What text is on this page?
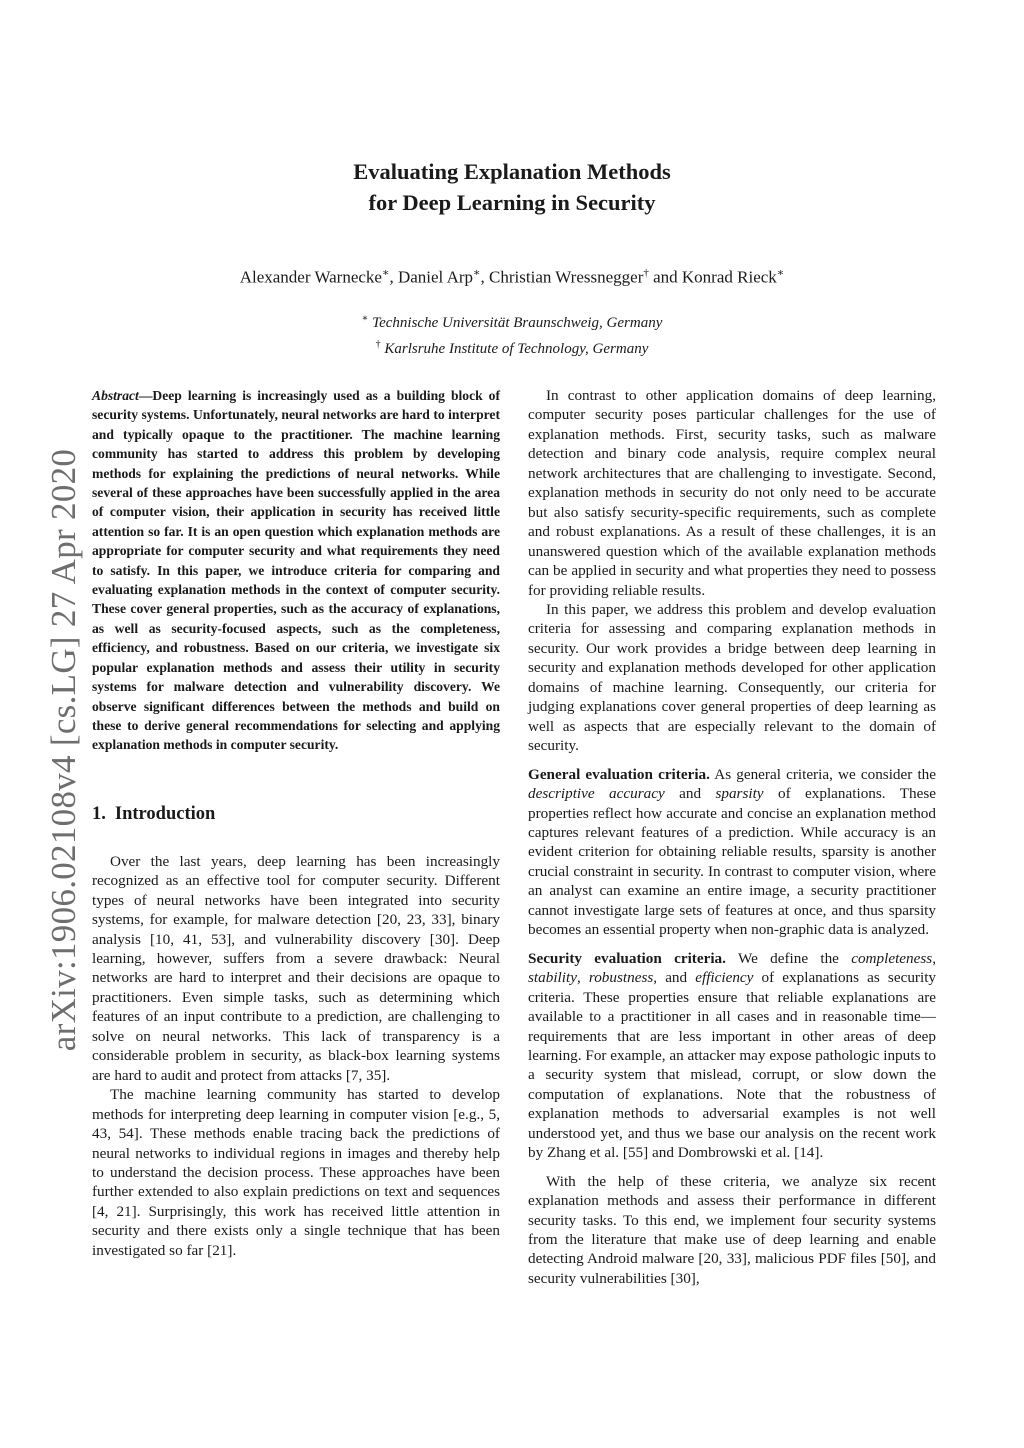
Evaluating Explanation Methods
for Deep Learning in Security
Alexander Warnecke∗, Daniel Arp∗, Christian Wressnegger† and Konrad Rieck∗
∗ Technische Universität Braunschweig, Germany
† Karlsruhe Institute of Technology, Germany
arXiv:1906.02108v4 [cs.LG] 27 Apr 2020

Abstract—Deep learning is increasingly used as a building block of security systems. Unfortunately, neural networks are hard to interpret and typically opaque to the practitioner. The machine learning community has started to address this problem by developing methods for explaining the predictions of neural networks. While several of these approaches have been successfully applied in the area of computer vision, their application in security has received little attention so far. It is an open question which explanation methods are appropriate for computer security and what requirements they need to satisfy. In this paper, we introduce criteria for comparing and evaluating explanation methods in the context of computer security. These cover general properties, such as the accuracy of explanations, as well as security-focused aspects, such as the completeness, efficiency, and robustness. Based on our criteria, we investigate six popular explanation methods and assess their utility in security systems for malware detection and vulnerability discovery. We observe significant differences between the methods and build on these to derive general recommendations for selecting and applying explanation methods in computer security.

1. Introduction

Over the last years, deep learning has been increasingly recognized as an effective tool for computer security. Different types of neural networks have been integrated into security systems, for example, for malware detection [20, 23, 33], binary analysis [10, 41, 53], and vulnerability discovery [30]. Deep learning, however, suffers from a severe drawback: Neural networks are hard to interpret and their decisions are opaque to practitioners. Even simple tasks, such as determining which features of an input contribute to a prediction, are challenging to solve on neural networks. This lack of transparency is a considerable problem in security, as black-box learning systems are hard to audit and protect from attacks [7, 35].

The machine learning community has started to develop methods for interpreting deep learning in computer vision [e.g., 5, 43, 54]. These methods enable tracing back the predictions of neural networks to individual regions in images and thereby help to understand the decision process. These approaches have been further extended to also explain predictions on text and sequences [4, 21]. Surprisingly, this work has received little attention in security and there exists only a single technique that has been investigated so far [21].

In contrast to other application domains of deep learning, computer security poses particular challenges for the use of explanation methods. First, security tasks, such as malware detection and binary code analysis, require complex neural network architectures that are challenging to investigate. Second, explanation methods in security do not only need to be accurate but also satisfy security-specific requirements, such as complete and robust explanations. As a result of these challenges, it is an unanswered question which of the available explanation methods can be applied in security and what properties they need to possess for providing reliable results.

In this paper, we address this problem and develop evaluation criteria for assessing and comparing explanation methods in security. Our work provides a bridge between deep learning in security and explanation methods developed for other application domains of machine learning. Consequently, our criteria for judging explanations cover general properties of deep learning as well as aspects that are especially relevant to the domain of security.

General evaluation criteria. As general criteria, we consider the descriptive accuracy and sparsity of explanations. These properties reflect how accurate and concise an explanation method captures relevant features of a prediction. While accuracy is an evident criterion for obtaining reliable results, sparsity is another crucial constraint in security. In contrast to computer vision, where an analyst can examine an entire image, a security practitioner cannot investigate large sets of features at once, and thus sparsity becomes an essential property when non-graphic data is analyzed.

Security evaluation criteria. We define the completeness, stability, robustness, and efficiency of explanations as security criteria. These properties ensure that reliable explanations are available to a practitioner in all cases and in reasonable time—requirements that are less important in other areas of deep learning. For example, an attacker may expose pathologic inputs to a security system that mislead, corrupt, or slow down the computation of explanations. Note that the robustness of explanation methods to adversarial examples is not well understood yet, and thus we base our analysis on the recent work by Zhang et al. [55] and Dombrowski et al. [14].

With the help of these criteria, we analyze six recent explanation methods and assess their performance in different security tasks. To this end, we implement four security systems from the literature that make use of deep learning and enable detecting Android malware [20, 33], malicious PDF files [50], and security vulnerabilities [30],
